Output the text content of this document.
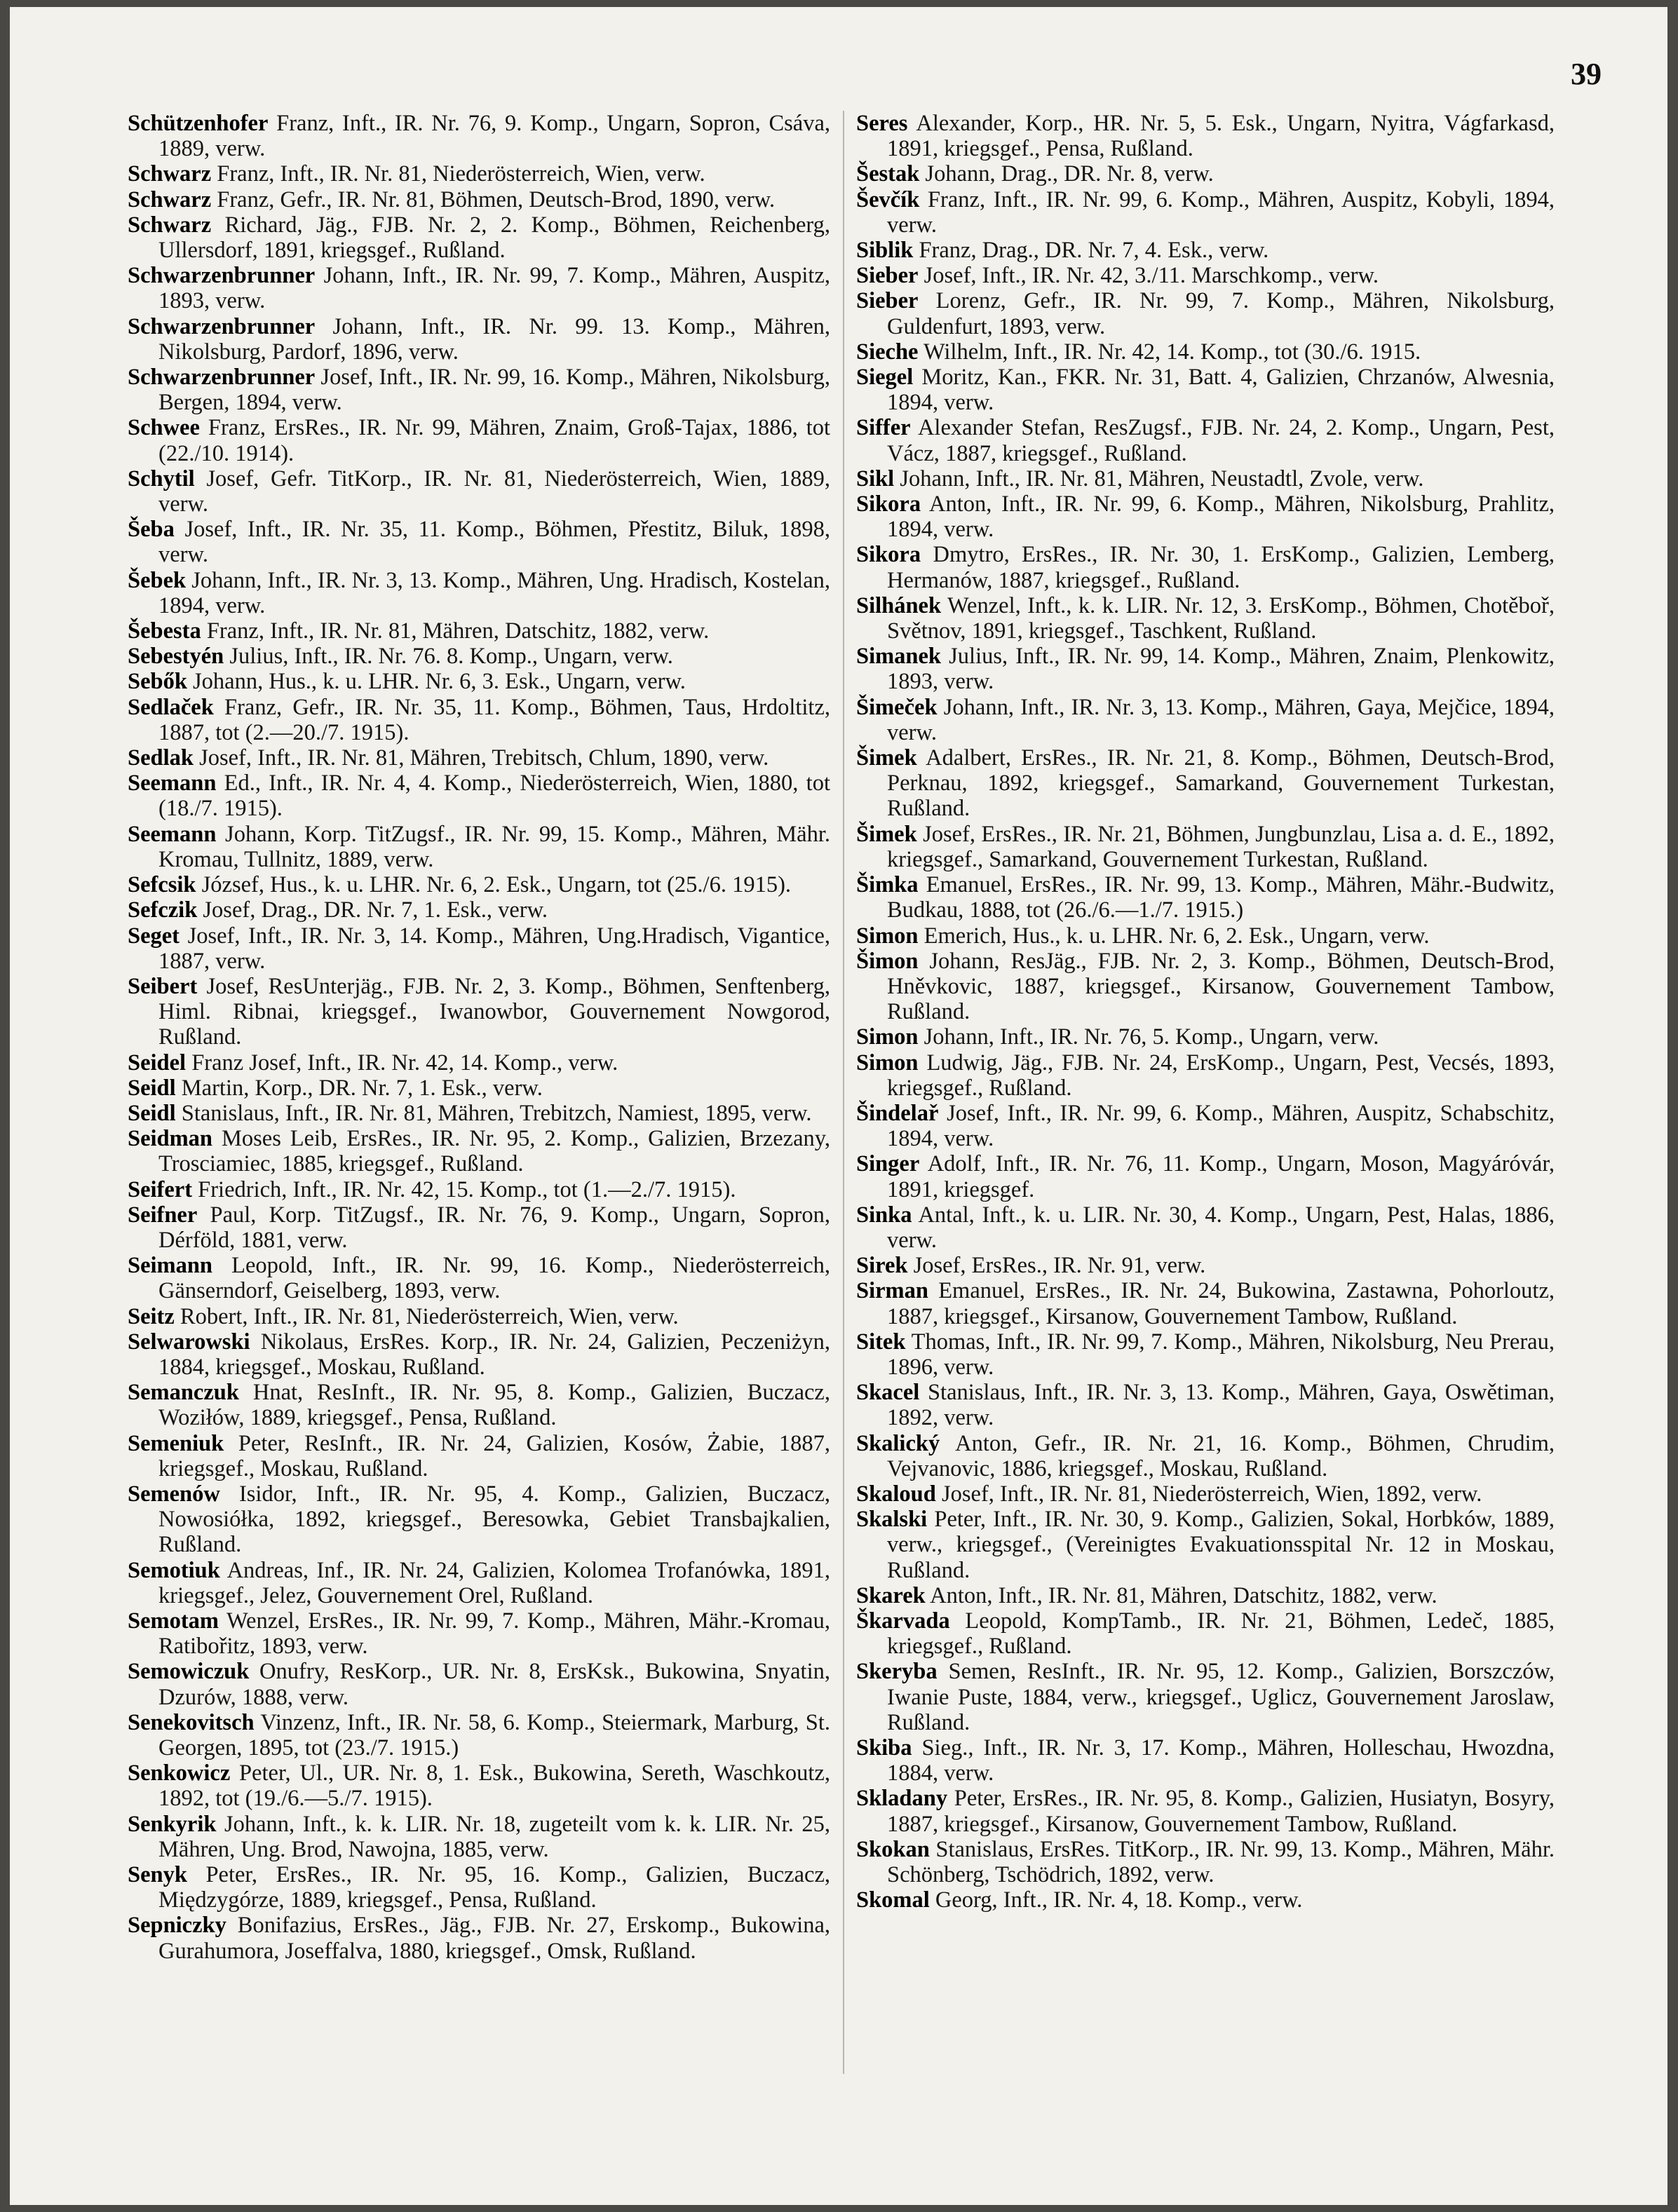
39

Schützenhofer Franz, Inft., IR. Nr. 76, 9. Komp., Ungarn, Sopron, Csáva, 1889, verw.

Schwarz Franz, Inft., IR. Nr. 81, Niederösterreich, Wien, verw.

Schwarz Franz, Gefr., IR. Nr. 81, Böhmen, Deutsch-Brod, 1890, verw.

Schwarz Richard, Jäg., FJB. Nr. 2, 2. Komp., Böhmen, Reichenberg, Ullersdorf, 1891, kriegsgef., Rußland.

Schwarzenbrunner Johann, Inft., IR. Nr. 99, 7. Komp., Mähren, Auspitz, 1893, verw.

Schwarzenbrunner Johann, Inft., IR. Nr. 99. 13. Komp., Mähren, Nikolsburg, Pardorf, 1896, verw.

Schwarzenbrunner Josef, Inft., IR. Nr. 99, 16. Komp., Mähren, Nikolsburg, Bergen, 1894, verw.

Schwee Franz, ErsRes., IR. Nr. 99, Mähren, Znaim, Groß-Tajax, 1886, tot (22./10. 1914).

Schytil Josef, Gefr. TitKorp., IR. Nr. 81, Niederösterreich, Wien, 1889, verw.

Šeba Josef, Inft., IR. Nr. 35, 11. Komp., Böhmen, Přestitz, Biluk, 1898, verw.

Šebek Johann, Inft., IR. Nr. 3, 13. Komp., Mähren, Ung. Hradisch, Kostelan, 1894, verw.

Šebesta Franz, Inft., IR. Nr. 81, Mähren, Datschitz, 1882, verw.

Sebestyén Julius, Inft., IR. Nr. 76. 8. Komp., Ungarn, verw.

Sebők Johann, Hus., k. u. LHR. Nr. 6, 3. Esk., Ungarn, verw.

Sedlaček Franz, Gefr., IR. Nr. 35, 11. Komp., Böhmen, Taus, Hrdoltitz, 1887, tot (2.—20./7. 1915).

Sedlak Josef, Inft., IR. Nr. 81, Mähren, Trebitsch, Chlum, 1890, verw.

Seemann Ed., Inft., IR. Nr. 4, 4. Komp., Niederösterreich, Wien, 1880, tot (18./7. 1915).

Seemann Johann, Korp. TitZugsf., IR. Nr. 99, 15. Komp., Mähren, Mähr. Kromau, Tullnitz, 1889, verw.

Sefcsik József, Hus., k. u. LHR. Nr. 6, 2. Esk., Ungarn, tot (25./6. 1915).

Sefczik Josef, Drag., DR. Nr. 7, 1. Esk., verw.

Seget Josef, Inft., IR. Nr. 3, 14. Komp., Mähren, Ung.Hradisch, Vigantice, 1887, verw.

Seibert Josef, ResUnterjäg., FJB. Nr. 2, 3. Komp., Böhmen, Senftenberg, Himl. Ribnai, kriegsgef., Iwanowbor, Gouvernement Nowgorod, Rußland.

Seidel Franz Josef, Inft., IR. Nr. 42, 14. Komp., verw.

Seidl Martin, Korp., DR. Nr. 7, 1. Esk., verw.

Seidl Stanislaus, Inft., IR. Nr. 81, Mähren, Trebitzch, Namiest, 1895, verw.

Seidman Moses Leib, ErsRes., IR. Nr. 95, 2. Komp., Galizien, Brzezany, Trosciamiec, 1885, kriegsgef., Rußland.

Seifert Friedrich, Inft., IR. Nr. 42, 15. Komp., tot (1.—2./7. 1915).

Seifner Paul, Korp. TitZugsf., IR. Nr. 76, 9. Komp., Ungarn, Sopron, Dérföld, 1881, verw.

Seimann Leopold, Inft., IR. Nr. 99, 16. Komp., Niederösterreich, Gänserndorf, Geiselberg, 1893, verw.

Seitz Robert, Inft., IR. Nr. 81, Niederösterreich, Wien, verw.

Selwarowski Nikolaus, ErsRes. Korp., IR. Nr. 24, Galizien, Peczeniżyn, 1884, kriegsgef., Moskau, Rußland.

Semanczuk Hnat, ResInft., IR. Nr. 95, 8. Komp., Galizien, Buczacz, Woziłów, 1889, kriegsgef., Pensa, Rußland.

Semeniuk Peter, ResInft., IR. Nr. 24, Galizien, Kosów, Żabie, 1887, kriegsgef., Moskau, Rußland.

Semenów Isidor, Inft., IR. Nr. 95, 4. Komp., Galizien, Buczacz, Nowosiółka, 1892, kriegsgef., Beresowka, Gebiet Transbajkalien, Rußland.

Semotiuk Andreas, Inf., IR. Nr. 24, Galizien, Kolomea Trofanówka, 1891, kriegsgef., Jelez, Gouvernement Orel, Rußland.

Semotam Wenzel, ErsRes., IR. Nr. 99, 7. Komp., Mähren, Mähr.-Kromau, Ratibořitz, 1893, verw.

Semowiczuk Onufry, ResKorp., UR. Nr. 8, ErsKsk., Bukowina, Snyatin, Dzurów, 1888, verw.

Senekovitsch Vinzenz, Inft., IR. Nr. 58, 6. Komp., Steiermark, Marburg, St. Georgen, 1895, tot (23./7. 1915.)

Senkowicz Peter, Ul., UR. Nr. 8, 1. Esk., Bukowina, Sereth, Waschkoutz, 1892, tot (19./6.—5./7. 1915).

Senkyrik Johann, Inft., k. k. LIR. Nr. 18, zugeteilt vom k. k. LIR. Nr. 25, Mähren, Ung. Brod, Nawojna, 1885, verw.

Senyk Peter, ErsRes., IR. Nr. 95, 16. Komp., Galizien, Buczacz, Międzygórze, 1889, kriegsgef., Pensa, Rußland.

Sepniczky Bonifazius, ErsRes., Jäg., FJB. Nr. 27, Erskomp., Bukowina, Gurahumora, Joseffalva, 1880, kriegsgef., Omsk, Rußland.

Seres Alexander, Korp., HR. Nr. 5, 5. Esk., Ungarn, Nyitra, Vágfarkasd, 1891, kriegsgef., Pensa, Rußland.

Šestak Johann, Drag., DR. Nr. 8, verw.

Ševčík Franz, Inft., IR. Nr. 99, 6. Komp., Mähren, Auspitz, Kobyli, 1894, verw.

Siblik Franz, Drag., DR. Nr. 7, 4. Esk., verw.

Sieber Josef, Inft., IR. Nr. 42, 3./11. Marschkomp., verw.

Sieber Lorenz, Gefr., IR. Nr. 99, 7. Komp., Mähren, Nikolsburg, Guldenfurt, 1893, verw.

Sieche Wilhelm, Inft., IR. Nr. 42, 14. Komp., tot (30./6. 1915.

Siegel Moritz, Kan., FKR. Nr. 31, Batt. 4, Galizien, Chrzanów, Alwesnia, 1894, verw.

Siffer Alexander Stefan, ResZugsf., FJB. Nr. 24, 2. Komp., Ungarn, Pest, Vácz, 1887, kriegsgef., Rußland.

Sikl Johann, Inft., IR. Nr. 81, Mähren, Neustadtl, Zvole, verw.

Sikora Anton, Inft., IR. Nr. 99, 6. Komp., Mähren, Nikolsburg, Prahlitz, 1894, verw.

Sikora Dmytro, ErsRes., IR. Nr. 30, 1. ErsKomp., Galizien, Lemberg, Hermanów, 1887, kriegsgef., Rußland.

Silhánek Wenzel, Inft., k. k. LIR. Nr. 12, 3. ErsKomp., Böhmen, Chotěboř, Světnov, 1891, kriegsgef., Taschkent, Rußland.

Simanek Julius, Inft., IR. Nr. 99, 14. Komp., Mähren, Znaim, Plenkowitz, 1893, verw.

Šimeček Johann, Inft., IR. Nr. 3, 13. Komp., Mähren, Gaya, Mejčice, 1894, verw.

Šimek Adalbert, ErsRes., IR. Nr. 21, 8. Komp., Böhmen, Deutsch-Brod, Perknau, 1892, kriegsgef., Samarkand, Gouvernement Turkestan, Rußland.

Šimek Josef, ErsRes., IR. Nr. 21, Böhmen, Jungbunzlau, Lisa a. d. E., 1892, kriegsgef., Samarkand, Gouvernement Turkestan, Rußland.

Šimka Emanuel, ErsRes., IR. Nr. 99, 13. Komp., Mähren, Mähr.-Budwitz, Budkau, 1888, tot (26./6.—1./7. 1915.)

Simon Emerich, Hus., k. u. LHR. Nr. 6, 2. Esk., Ungarn, verw.

Šimon Johann, ResJäg., FJB. Nr. 2, 3. Komp., Böhmen, Deutsch-Brod, Hněvkovic, 1887, kriegsgef., Kirsanow, Gouvernement Tambow, Rußland.

Simon Johann, Inft., IR. Nr. 76, 5. Komp., Ungarn, verw.

Simon Ludwig, Jäg., FJB. Nr. 24, ErsKomp., Ungarn, Pest, Vecsés, 1893, kriegsgef., Rußland.

Šindelař Josef, Inft., IR. Nr. 99, 6. Komp., Mähren, Auspitz, Schabschitz, 1894, verw.

Singer Adolf, Inft., IR. Nr. 76, 11. Komp., Ungarn, Moson, Magyáróvár, 1891, kriegsgef.

Sinka Antal, Inft., k. u. LIR. Nr. 30, 4. Komp., Ungarn, Pest, Halas, 1886, verw.

Sirek Josef, ErsRes., IR. Nr. 91, verw.

Sirman Emanuel, ErsRes., IR. Nr. 24, Bukowina, Zastawna, Pohorloutz, 1887, kriegsgef., Kirsanow, Gouvernement Tambow, Rußland.

Sitek Thomas, Inft., IR. Nr. 99, 7. Komp., Mähren, Nikolsburg, Neu Prerau, 1896, verw.

Skacel Stanislaus, Inft., IR. Nr. 3, 13. Komp., Mähren, Gaya, Oswětiman, 1892, verw.

Skalický Anton, Gefr., IR. Nr. 21, 16. Komp., Böhmen, Chrudim, Vejvanovic, 1886, kriegsgef., Moskau, Rußland.

Skaloud Josef, Inft., IR. Nr. 81, Niederösterreich, Wien, 1892, verw.

Skalski Peter, Inft., IR. Nr. 30, 9. Komp., Galizien, Sokal, Horbków, 1889, verw., kriegsgef., (Vereinigtes Evakuationsspital Nr. 12 in Moskau, Rußland.

Skarek Anton, Inft., IR. Nr. 81, Mähren, Datschitz, 1882, verw.

Škarvada Leopold, KompTamb., IR. Nr. 21, Böhmen, Ledeč, 1885, kriegsgef., Rußland.

Skeryba Semen, ResInft., IR. Nr. 95, 12. Komp., Galizien, Borszczów, Iwanie Puste, 1884, verw., kriegsgef., Uglicz, Gouvernement Jaroslaw, Rußland.

Skiba Sieg., Inft., IR. Nr. 3, 17. Komp., Mähren, Holleschau, Hwozdna, 1884, verw.

Skladany Peter, ErsRes., IR. Nr. 95, 8. Komp., Galizien, Husiatyn, Bosyry, 1887, kriegsgef., Kirsanow, Gouvernement Tambow, Rußland.

Skokan Stanislaus, ErsRes. TitKorp., IR. Nr. 99, 13. Komp., Mähren, Mähr. Schönberg, Tschödrich, 1892, verw.

Skomal Georg, Inft., IR. Nr. 4, 18. Komp., verw.
